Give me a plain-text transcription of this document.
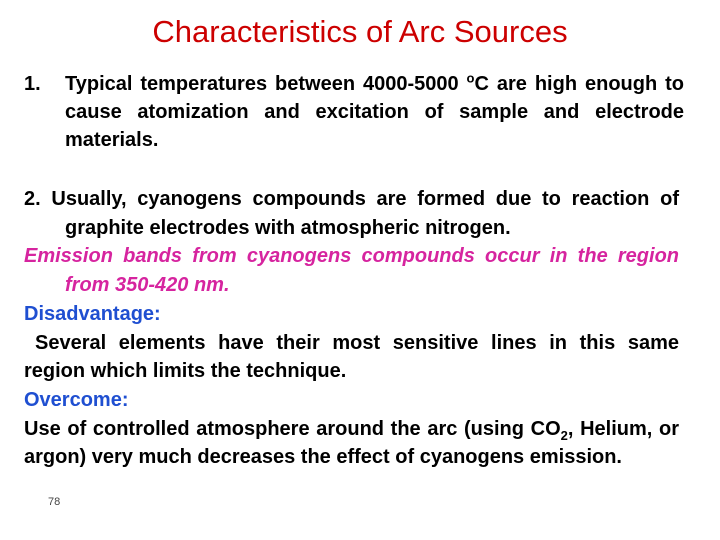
Characteristics of Arc Sources
1.	Typical temperatures between 4000-5000 $^o$C are high enough to cause atomization and excitation of sample and electrode materials.

2. Usually, cyanogens compounds are formed due to reaction of graphite electrodes with atmospheric nitrogen.

Emission bands from cyanogens compounds occur in the region from 350-420 nm.

Disadvantage:

Several elements have their most sensitive lines in this same region which limits the technique.

Overcome:

Use of controlled atmosphere around the arc (using $CO_2$, Helium, or argon) very much decreases the effect of cyanogens emission.

78
